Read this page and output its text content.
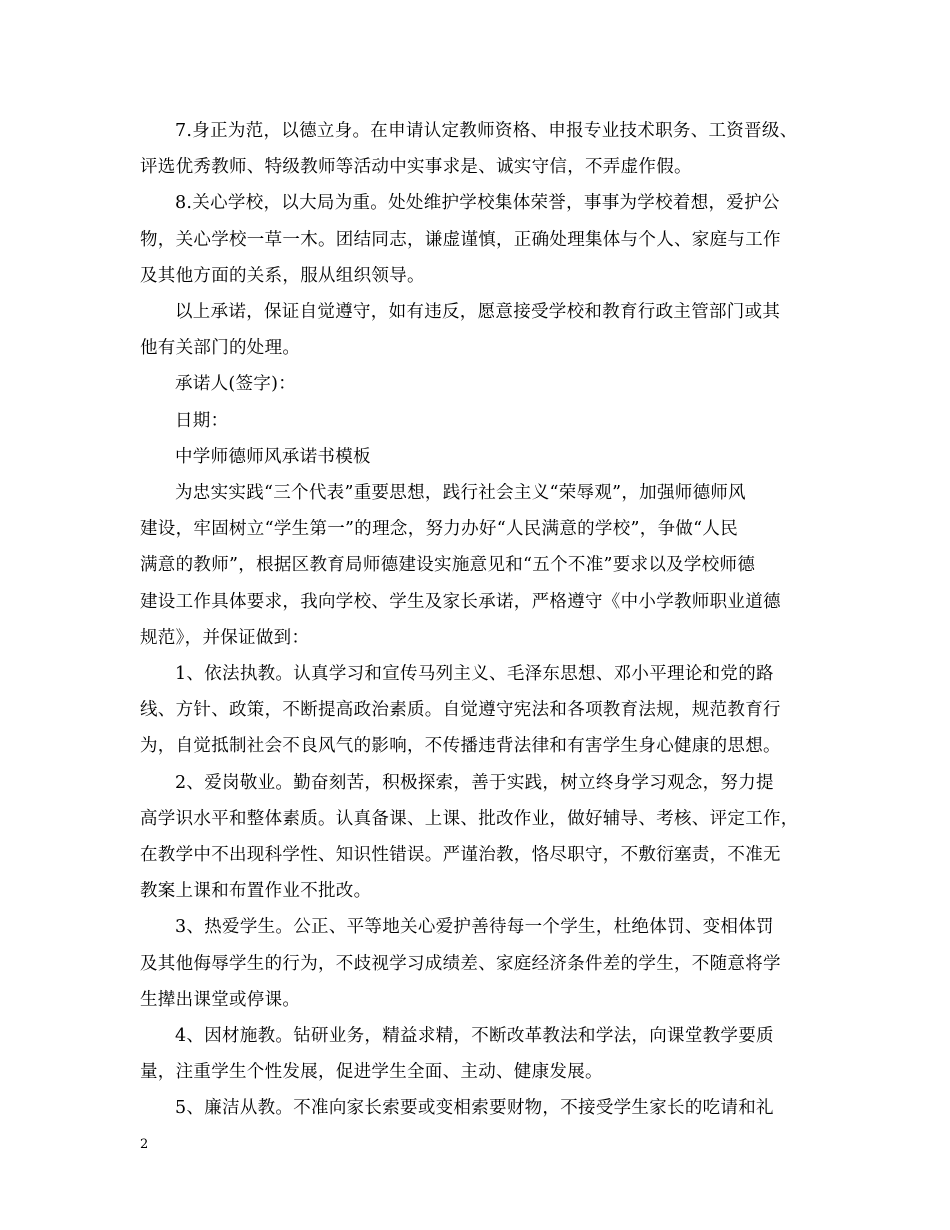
7.身正为范，以德立身。在申请认定教师资格、申报专业技术职务、工资晋级、
评选优秀教师、特级教师等活动中实事求是、诚实守信，不弄虚作假。

8.关心学校，以大局为重。处处维护学校集体荣誉，事事为学校着想，爱护公
物，关心学校一草一木。团结同志，谦虚谨慎，正确处理集体与个人、家庭与工作
及其他方面的关系，服从组织领导。

以上承诺，保证自觉遵守，如有违反，愿意接受学校和教育行政主管部门或其
他有关部门的处理。

承诺人(签字)：

日期：

中学师德师风承诺书模板

为忠实实践“三个代表”重要思想，践行社会主义“荣辱观”，加强师德师风
建设，牢固树立“学生第一”的理念，努力办好“人民满意的学校”，争做“人民
满意的教师”，根据区教育局师德建设实施意见和“五个不准”要求以及学校师德
建设工作具体要求，我向学校、学生及家长承诺，严格遵守《中小学教师职业道德
规范》，并保证做到：

1、依法执教。认真学习和宣传马列主义、毛泽东思想、邓小平理论和党的路
线、方针、政策，不断提高政治素质。自觉遵守宪法和各项教育法规，规范教育行
为，自觉抵制社会不良风气的影响，不传播违背法律和有害学生身心健康的思想。

2、爱岗敬业。勤奋刻苦，积极探索，善于实践，树立终身学习观念，努力提
高学识水平和整体素质。认真备课、上课、批改作业，做好辅导、考核、评定工作，
在教学中不出现科学性、知识性错误。严谨治教，恪尽职守，不敷衍塞责，不准无
教案上课和布置作业不批改。

3、热爱学生。公正、平等地关心爱护善待每一个学生，杜绝体罚、变相体罚
及其他侮辱学生的行为，不歧视学习成绩差、家庭经济条件差的学生，不随意将学
生撵出课堂或停课。

4、因材施教。钻研业务，精益求精，不断改革教法和学法，向课堂教学要质
量，注重学生个性发展，促进学生全面、主动、健康发展。

5、廉洁从教。不准向家长索要或变相索要财物，不接受学生家长的吃请和礼

2
